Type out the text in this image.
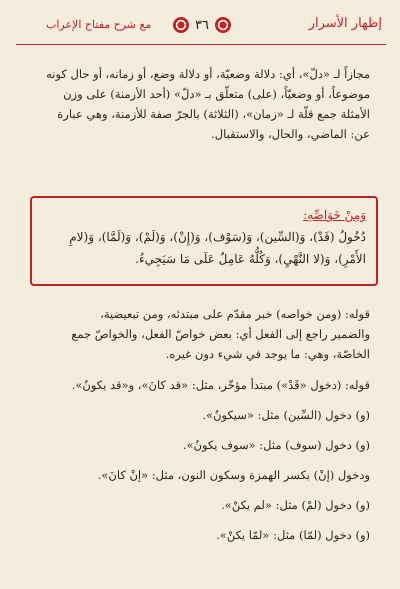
إظهار الأسرار
٣٦
مع شرح مفتاح الإعراب
مجازاً لـ «دلّ»، أي: دلالة وضعيّة، أو دلالة وضع، أو زمانه، أو حال كونه
موضوعاً، أو وضعيّاً، (على) متعلّق بـ «دلّ» (أحد الأزمنة) على وزن
الأمثلة جمع قلّة لـ «زمان»، (الثلاثة) بالجرّ صفة للأزمنة، وهي عبارة
عن: الماضي، والحال، والاستقبال.
وَمِنْ خَوَاصِّهِ:
دُخُولُ (قَدْ)، وَ(السِّين)، وَ(سَوْف)، وَ(إِنْ)، وَ(لَمْ)، وَ(لَمَّا)، وَ(لامِ
الأَمْرِ)، وَ(لا النَّهْيِ)، وَكُلُّهُ عَامِلٌ عَلَى مَا سَيَجِيءُ.
قوله: (ومن خواصه) خبر مقدّم على مبتدئه، ومن تبعيضية،
والضمير راجع إلى الفعل أي: بعض خواصّ الفعل، والخواصّ جمع
الخاصّة، وهي: ما يوجد في شيء دون غيره.
قوله: (دخول «قَدْ») مبتدأ مؤخّر، مثل: «قد كانَ»، و«قد يكونُ».
(و) دخول (السِّين) مثل: «سيكونُ».
(و) دخول (سوف) مثل: «سوف يكونُ».
ودخول (إنْ) بكسر الهمزة وسكون النون، مثل: «إنْ كانَ».
(و) دخول (لمْ) مثل: «لم يكنْ».
(و) دخول (لمّا) مثل: «لمّا يكنْ».
